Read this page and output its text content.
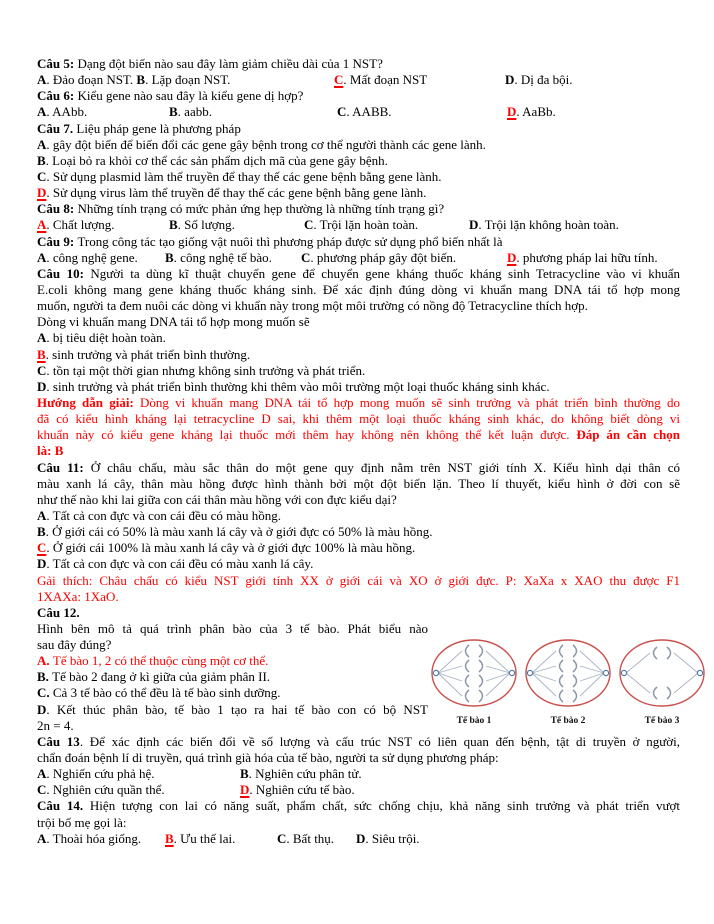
Câu 5: Dạng đột biến nào sau đây làm giảm chiều dài của 1 NST?
A. Đảo đoạn NST. B. Lặp đoạn NST.	C. Mất đoạn NST	D. Dị đa bội.
Câu 6: Kiểu gene nào sau đây là kiểu gene dị hợp?
A. AAbb.	B. aabb.	C. AABB.	D. AaBb.
Câu 7. Liệu pháp gene là phương pháp
A. gây đột biến để biến đổi các gene gây bệnh trong cơ thể người thành các gene lành.
B. Loại bỏ ra khỏi cơ thể các sản phẩm dịch mã của gene gây bệnh.
C. Sử dụng plasmid làm thể truyền để thay thế các gene bệnh bằng gene lành.
D. Sử dụng virus làm thể truyền để thay thế các gene bệnh bằng gene lành.
Câu 8: Những tính trạng có mức phản ứng hẹp thường là những tính trạng gì?
A. Chất lượng.	B. Số lượng.	C. Trội lặn hoàn toàn.	D. Trội lặn không hoàn toàn.
Câu 9: Trong công tác tạo giống vật nuôi thì phương pháp được sử dụng phổ biến nhất là
A. công nghệ gene. B. công nghệ tế bào. C. phương pháp gây đột biến.	D. phương pháp lai hữu tính.
Câu 10: Người ta dùng kĩ thuật chuyển gene để chuyển gene kháng thuốc kháng sinh Tetracycline vào vi khuẩn
E.coli không mang gene kháng thuốc kháng sinh. Để xác định đúng dòng vi khuẩn mang DNA tái tổ hợp mong
muốn, người ta đem nuôi các dòng vi khuẩn này trong một môi trường có nồng độ Tetracycline thích hợp.
Dòng vi khuẩn mang DNA tái tổ hợp mong muốn sẽ
A. bị tiêu diệt hoàn toàn.
B. sinh trưởng và phát triển bình thường.
C. tồn tại một thời gian nhưng không sinh trưởng và phát triển.
D. sinh trưởng và phát triển bình thường khi thêm vào môi trường một loại thuốc kháng sinh khác.
Hướng dẫn giải: Dòng vi khuẩn mang DNA tái tổ hợp mong muốn sẽ sinh trưởng và phát triển bình thường do
đã có kiểu hình kháng lại tetracycline D sai, khi thêm một loại thuốc kháng sinh khác, do không biết dòng vi
khuẩn này có kiểu gene kháng lại thuốc mới thêm hay không nên không thể kết luận được. Đáp án cần chọn
là: B
Câu 11: Ở châu chấu, màu sắc thân do một gene quy định nằm trên NST giới tính X. Kiểu hình dại thân có
màu xanh lá cây, thân màu hồng được hình thành bởi một đột biến lặn. Theo lí thuyết, kiểu hình ở đời con sẽ
như thế nào khi lai giữa con cái thân màu hồng với con đực kiểu dại?
A. Tất cả con đực và con cái đều có màu hồng.
B. Ở giới cái có 50% là màu xanh lá cây và ở giới đực có 50% là màu hồng.
C. Ở giới cái 100% là màu xanh lá cây và ở giới đực 100% là màu hồng.
D. Tất cả con đực và con cái đều có màu xanh lá cây.
Gải thích: Châu chấu có kiểu NST giới tính XX ở giới cái và XO ở giới đực. P: XaXa x XAO thu được F1
1XAXa: 1XaO.
Câu 12.
Hình bên mô tả quá trình phân bào của 3 tế bào. Phát biểu nào
sau đây đúng?
A. Tế bào 1, 2 có thể thuộc cùng một cơ thể.
B. Tế bào 2 đang ở kì giữa của giảm phân II.
C. Cả 3 tế bào có thể đều là tế bào sinh dưỡng.
D. Kết thúc phân bào, tế bào 1 tạo ra hai tế bào con có bộ NST
2n = 4.
Câu 13. Để xác định các biến đổi về số lượng và cấu trúc NST có liên quan đến bệnh, tật di truyền ở người,
chẩn đoán bệnh lí di truyền, quá trình già hóa của tế bào, người ta sử dụng phương pháp:
A. Nghiến cứu phả hệ.	B. Nghiên cứu phân tử.
C. Nghiên cứu quần thể.	D. Nghiên cứu tế bào.
Câu 14. Hiện tượng con lai có năng suất, phẩm chất, sức chống chịu, khả năng sinh trưởng và phát triển vượt
trội bố mẹ gọi là:
A. Thoài hóa giống. B. Ưu thế lai.	C. Bất thụ. D. Siêu trội.
Tế bào 1	Tế bào 2	Tế bào 3
